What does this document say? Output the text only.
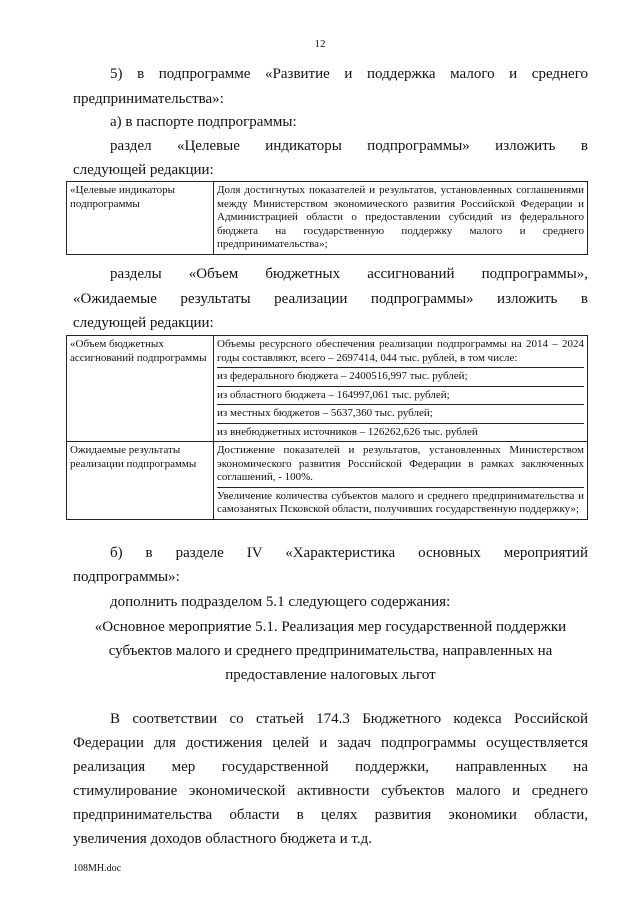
12
5) в подпрограмме «Развитие и поддержка малого и среднего
предпринимательства»:
а) в паспорте подпрограммы:
раздел «Целевые индикаторы подпрограммы» изложить в
следующей редакции:
«Целевые индикаторы подпрограммы	Доля достигнутых показателей и результатов, установленных соглашениями между Министерством экономического развития Российской Федерации и Администрацией области о предоставлении субсидий из федерального бюджета на государственную поддержку малого и среднего предпринимательства»;
разделы «Объем бюджетных ассигнований подпрограммы»,
«Ожидаемые результаты реализации подпрограммы» изложить в
следующей редакции:
«Объем бюджетных ассигнований подпрограммы	Объемы ресурсного обеспечения реализации подпрограммы на 2014 – 2024 годы составляют, всего – 2697414, 044 тыс. рублей, в том числе:
из федерального бюджета – 2400516,997 тыс. рублей;
из областного бюджета – 164997,061 тыс. рублей;
из местных бюджетов – 5637,360 тыс. рублей;
из внебюджетных источников – 126262,626 тыс. рублей

Ожидаемые результаты реализации подпрограммы	Достижение показателей и результатов, установленных Министерством экономического развития Российской Федерации в рамках заключенных соглашений, - 100%.
Увеличение количества субъектов малого и среднего предпринимательства и самозанятых Псковской области, получивших государственную поддержку»;
б) в разделе IV «Характеристика основных мероприятий
подпрограммы»:
дополнить подразделом 5.1 следующего содержания:
«Основное мероприятие 5.1. Реализация мер государственной поддержки
субъектов малого и среднего предпринимательства, направленных на
предоставление налоговых льгот
В соответствии со статьей 174.3 Бюджетного кодекса Российской
Федерации для достижения целей и задач подпрограммы осуществляется
реализация мер государственной поддержки, направленных на
стимулирование экономической активности субъектов малого и среднего
предпринимательства области в целях развития экономики области,
увеличения доходов областного бюджета и т.д.
108МН.doc
